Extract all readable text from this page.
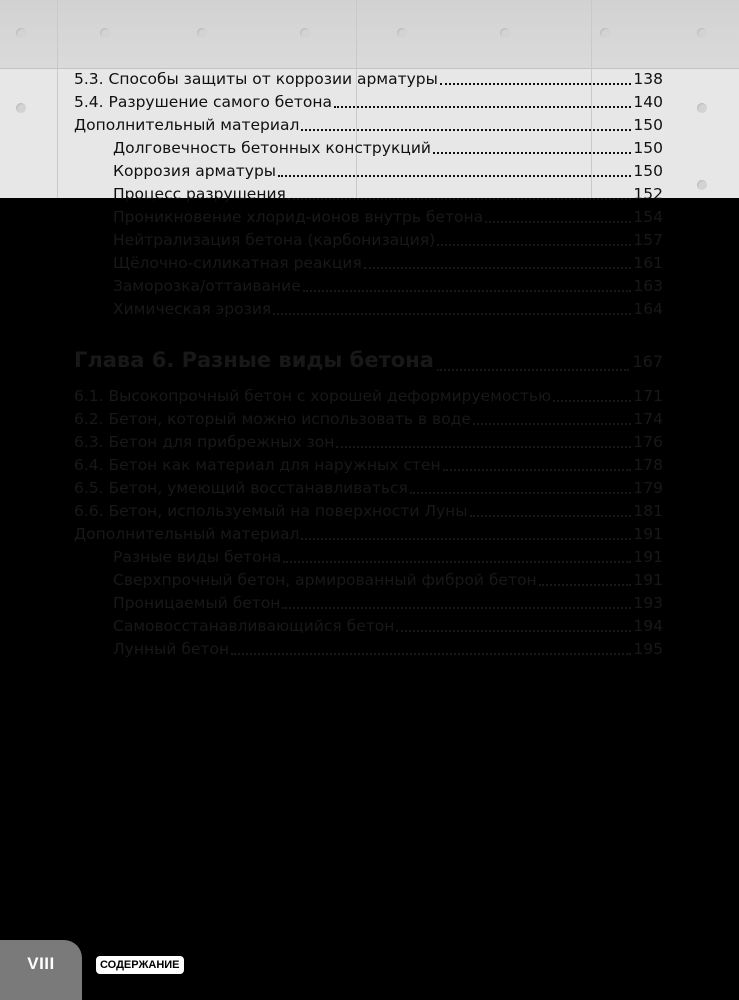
5.3. Способы защиты от коррозии арматуры	138
5.4. Разрушение самого бетона	140
Дополнительный материал	150
Долговечность бетонных конструкций	150
Коррозия арматуры	150
Процесс разрушения	152
Проникновение хлорид-ионов внутрь бетона	154
Нейтрализация бетона (карбонизация)	157
Щёлочно-силикатная реакция	161
Заморозка/оттаивание	163
Химическая эрозия	164
Глава 6. Разные виды бетона	167
6.1. Высокопрочный бетон с хорошей деформируемостью	171
6.2. Бетон, который можно использовать в воде	174
6.3. Бетон для прибрежных зон	176
6.4. Бетон как материал для наружных стен	178
6.5. Бетон, умеющий восстанавливаться	179
6.6. Бетон, используемый на поверхности Луны	181
Дополнительный материал	191
Разные виды бетона	191
Сверхпрочный бетон, армированный фиброй бетон	191
Проницаемый бетон	193
Самовосстанавливающийся бетон	194
Лунный бетон	195
VIII	СОДЕРЖАНИЕ
